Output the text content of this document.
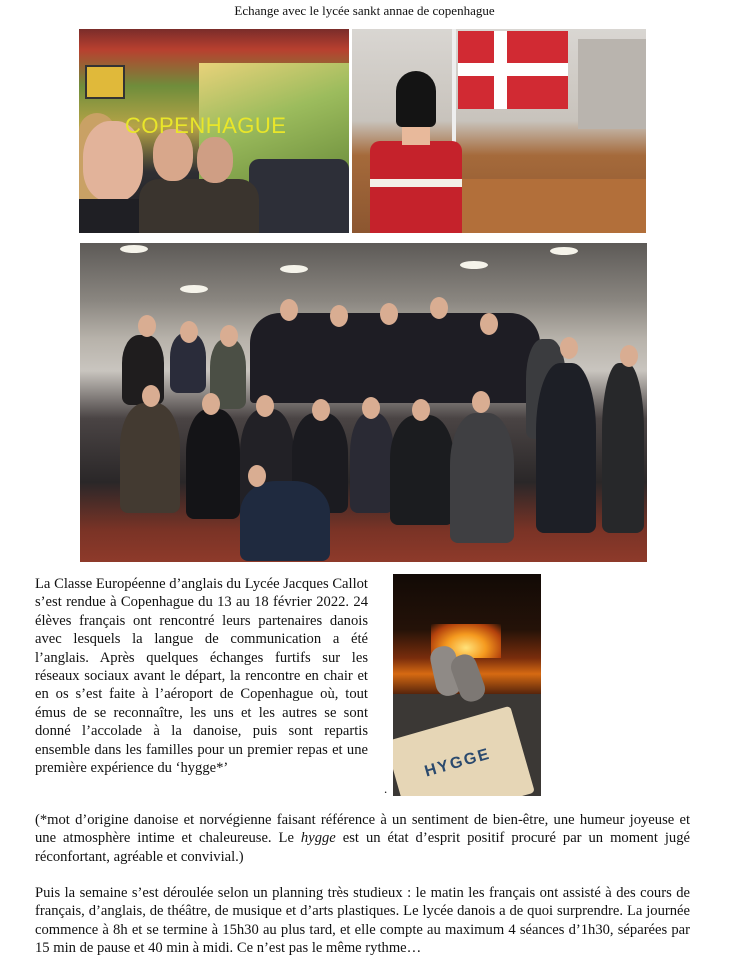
Echange avec le lycée sankt annae de copenhague
COPENHAGUE
La Classe Européenne d’anglais du Lycée Jacques Callot s’est rendue à Copenhague du 13 au 18 février 2022. 24 élèves français ont rencontré leurs partenaires danois avec lesquels la langue de communication a été l’anglais. Après quelques échanges furtifs sur les réseaux sociaux avant le départ, la rencontre en chair et en os s’est faite à l’aéroport de Copenhague où, tout émus de se reconnaître, les uns et les autres se sont donné l’accolade à la danoise, puis sont repartis ensemble dans les familles pour un premier repas et une première expérience du ‘hygge*’	HYGGE
.
(*mot d’origine danoise et norvégienne faisant référence à un sentiment de bien-être, une humeur joyeuse et une atmosphère intime et chaleureuse. Le hygge est un état d’esprit positif procuré par un moment jugé réconfortant, agréable et convivial.)
Puis la semaine s’est déroulée selon un planning très studieux : le matin les français ont assisté à des cours de français, d’anglais, de théâtre, de musique et d’arts plastiques. Le lycée danois a de quoi surprendre. La journée commence à 8h et se termine à 15h30 au plus tard, et elle compte au maximum 4 séances d’1h30, séparées par 15 min de pause et 40 min à midi. Ce n’est pas le même rythme…
